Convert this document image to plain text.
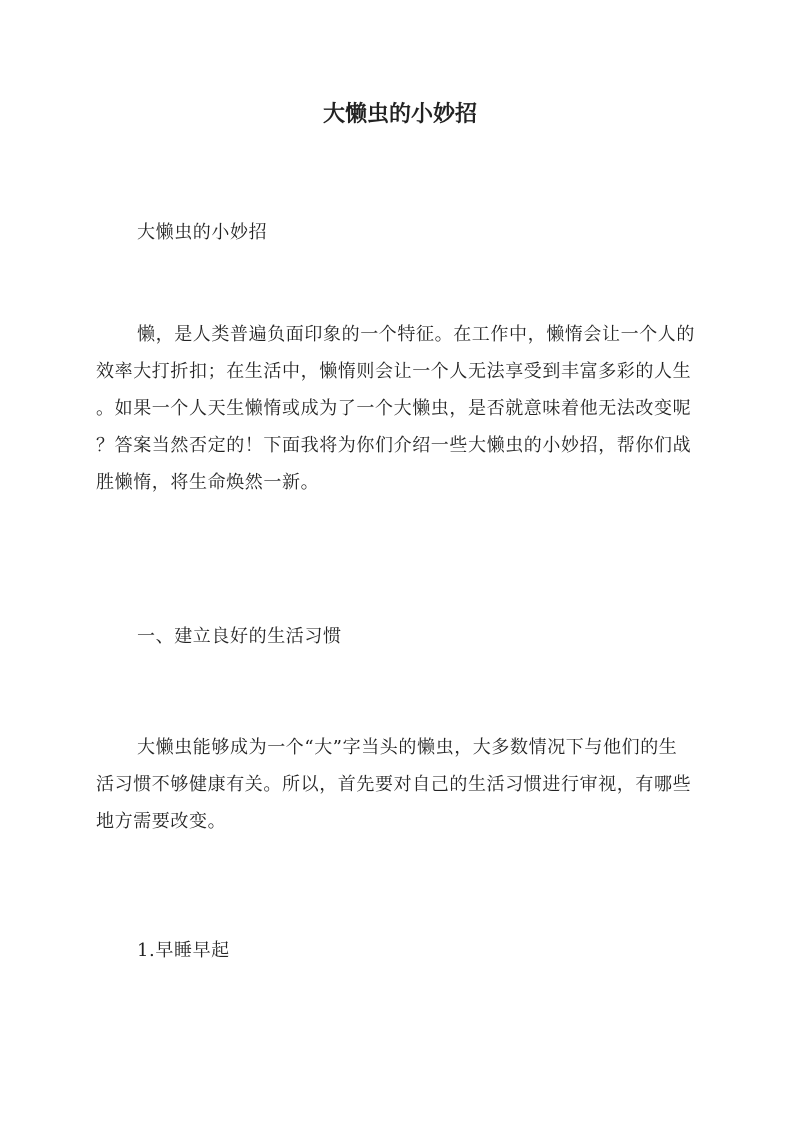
大懒虫的小妙招

大懒虫的小妙招

懒，是人类普遍负面印象的一个特征。在工作中，懒惰会让一个人的
效率大打折扣；在生活中，懒惰则会让一个人无法享受到丰富多彩的人生
。如果一个人天生懒惰或成为了一个大懒虫，是否就意味着他无法改变呢
？答案当然否定的！下面我将为你们介绍一些大懒虫的小妙招，帮你们战
胜懒惰，将生命焕然一新。

一、建立良好的生活习惯

大懒虫能够成为一个“大”字当头的懒虫，大多数情况下与他们的生
活习惯不够健康有关。所以，首先要对自己的生活习惯进行审视，有哪些
地方需要改变。

1.早睡早起
